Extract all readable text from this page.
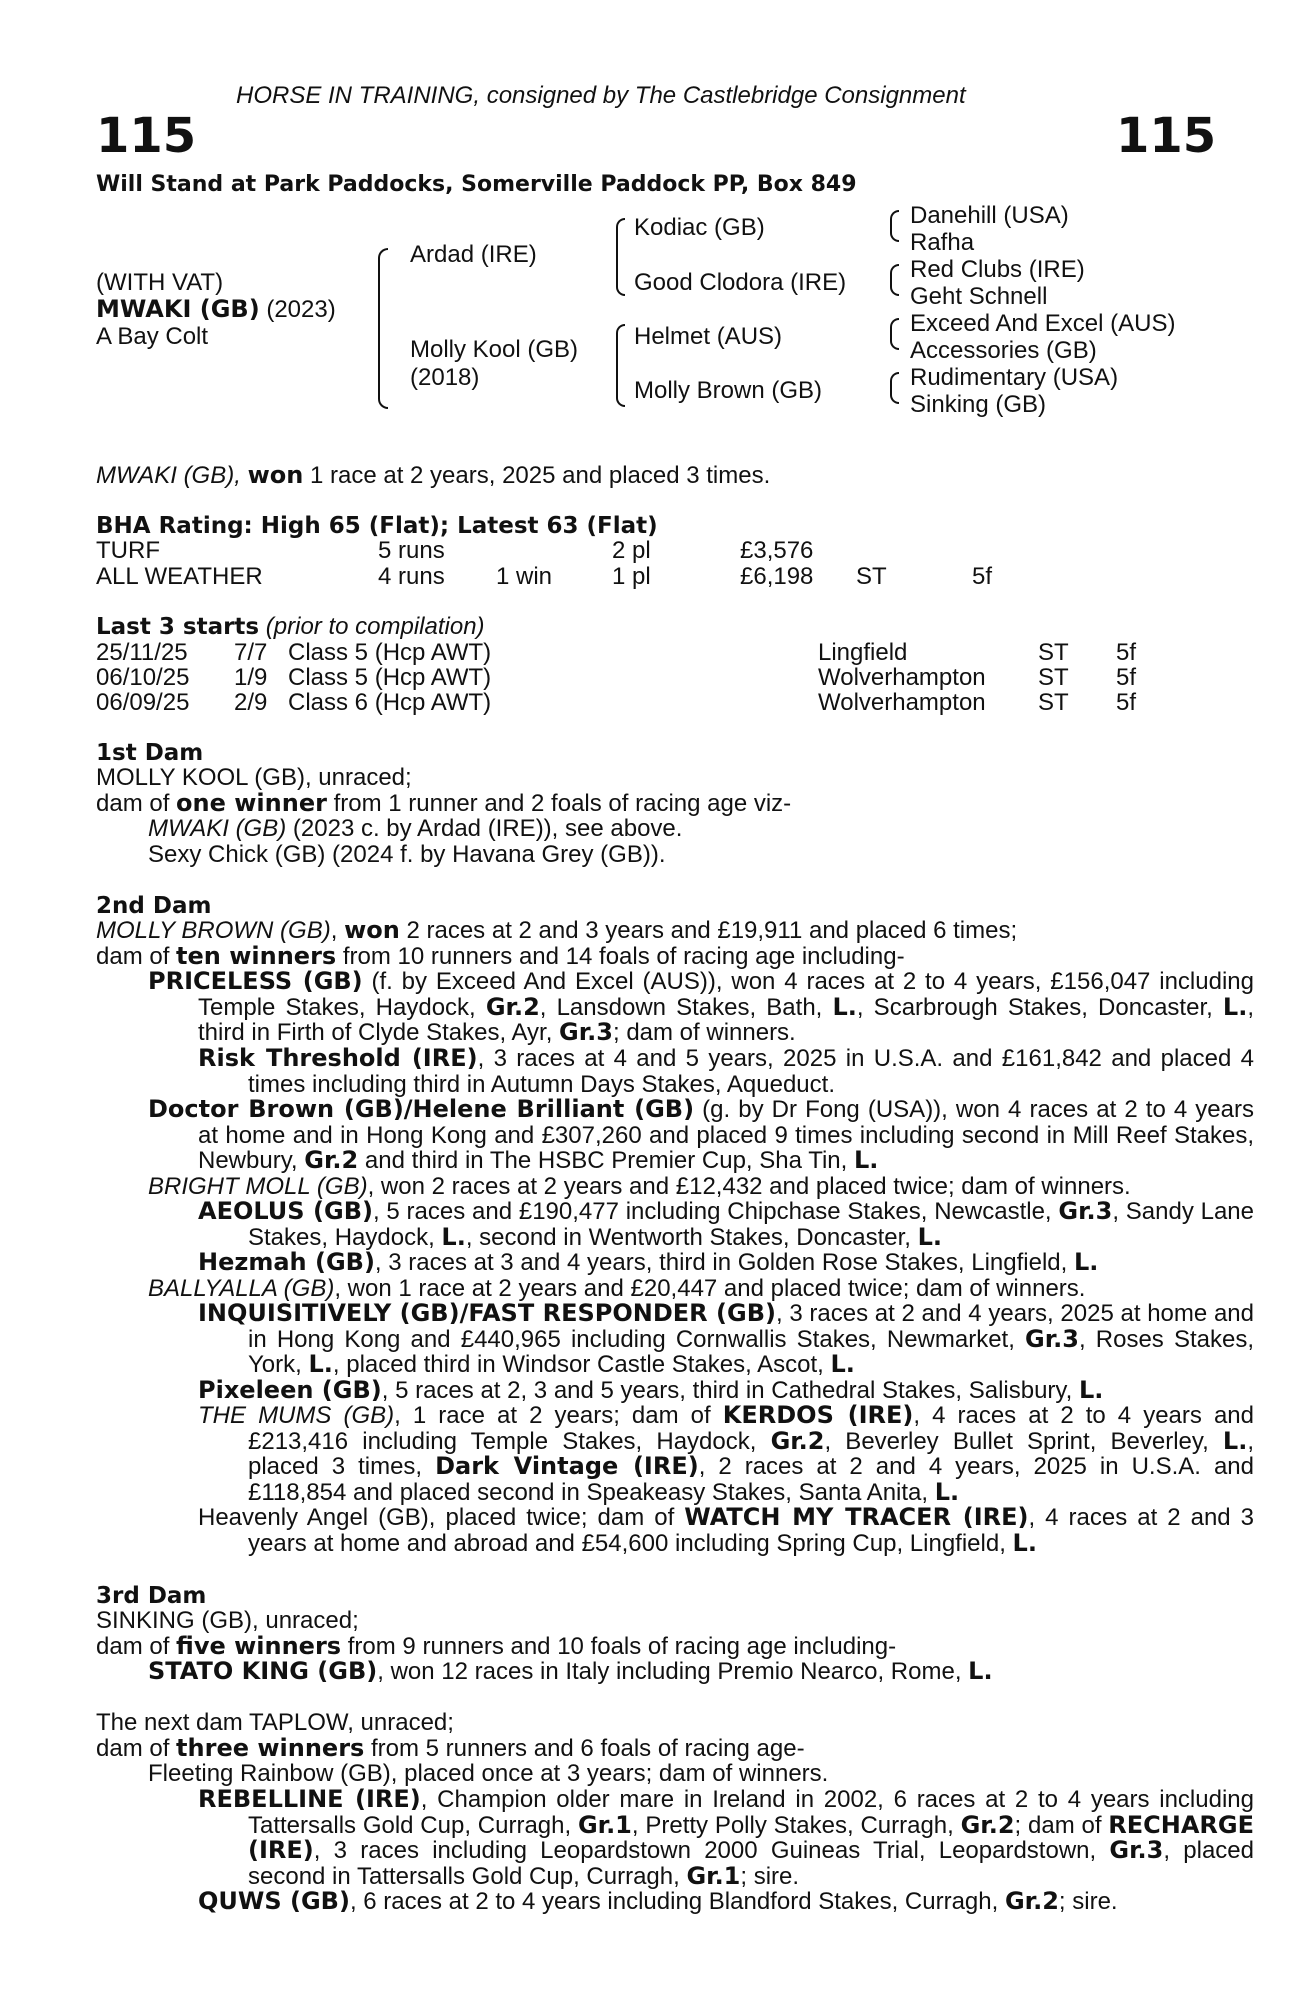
HORSE IN TRAINING, consigned by The Castlebridge Consignment
115	115
Will Stand at Park Paddocks, Somerville Paddock PP, Box 849
(WITH VAT)
MWAKI (GB) (2023)
A Bay Colt
Ardad (IRE)
Molly Kool (GB)
(2018)
Kodiac (GB)
Good Clodora (IRE)
Helmet (AUS)
Molly Brown (GB)
Danehill (USA)
Rafha
Red Clubs (IRE)
Geht Schnell
Exceed And Excel (AUS)
Accessories (GB)
Rudimentary (USA)
Sinking (GB)
MWAKI (GB), won 1 race at 2 years, 2025 and placed 3 times.
BHA Rating: High 65 (Flat); Latest 63 (Flat)
TURF	5 runs	2 pl	£3,576
ALL WEATHER	4 runs 1 win 1 pl	£6,198 ST	5f
Last 3 starts (prior to compilation)
25/11/25 7/7 Class 5 (Hcp AWT)	Lingfield	ST 5f
06/10/25 1/9 Class 5 (Hcp AWT)	Wolverhampton ST 5f
06/09/25 2/9 Class 6 (Hcp AWT)	Wolverhampton ST 5f
1st Dam
MOLLY KOOL (GB), unraced;
dam of one winner from 1 runner and 2 foals of racing age viz-
MWAKI (GB) (2023 c. by Ardad (IRE)), see above.
Sexy Chick (GB) (2024 f. by Havana Grey (GB)).
2nd Dam
MOLLY BROWN (GB), won 2 races at 2 and 3 years and £19,911 and placed 6 times;
dam of ten winners from 10 runners and 14 foals of racing age including-
PRICELESS (GB) (f. by Exceed And Excel (AUS)), won 4 races at 2 to 4 years, £156,047 including Temple Stakes, Haydock, Gr.2, Lansdown Stakes, Bath, L., Scarbrough Stakes, Doncaster, L., third in Firth of Clyde Stakes, Ayr, Gr.3; dam of winners.
Risk Threshold (IRE), 3 races at 4 and 5 years, 2025 in U.S.A. and £161,842 and placed 4 times including third in Autumn Days Stakes, Aqueduct.
Doctor Brown (GB)/Helene Brilliant (GB) (g. by Dr Fong (USA)), won 4 races at 2 to 4 years at home and in Hong Kong and £307,260 and placed 9 times including second in Mill Reef Stakes, Newbury, Gr.2 and third in The HSBC Premier Cup, Sha Tin, L.
BRIGHT MOLL (GB), won 2 races at 2 years and £12,432 and placed twice; dam of winners.
AEOLUS (GB), 5 races and £190,477 including Chipchase Stakes, Newcastle, Gr.3, Sandy Lane Stakes, Haydock, L., second in Wentworth Stakes, Doncaster, L.
Hezmah (GB), 3 races at 3 and 4 years, third in Golden Rose Stakes, Lingfield, L.
BALLYALLA (GB), won 1 race at 2 years and £20,447 and placed twice; dam of winners.
INQUISITIVELY (GB)/FAST RESPONDER (GB), 3 races at 2 and 4 years, 2025 at home and in Hong Kong and £440,965 including Cornwallis Stakes, Newmarket, Gr.3, Roses Stakes, York, L., placed third in Windsor Castle Stakes, Ascot, L.
Pixeleen (GB), 5 races at 2, 3 and 5 years, third in Cathedral Stakes, Salisbury, L.
THE MUMS (GB), 1 race at 2 years; dam of KERDOS (IRE), 4 races at 2 to 4 years and £213,416 including Temple Stakes, Haydock, Gr.2, Beverley Bullet Sprint, Beverley, L., placed 3 times, Dark Vintage (IRE), 2 races at 2 and 4 years, 2025 in U.S.A. and £118,854 and placed second in Speakeasy Stakes, Santa Anita, L.
Heavenly Angel (GB), placed twice; dam of WATCH MY TRACER (IRE), 4 races at 2 and 3 years at home and abroad and £54,600 including Spring Cup, Lingfield, L.
3rd Dam
SINKING (GB), unraced;
dam of five winners from 9 runners and 10 foals of racing age including-
STATO KING (GB), won 12 races in Italy including Premio Nearco, Rome, L.
The next dam TAPLOW, unraced;
dam of three winners from 5 runners and 6 foals of racing age-
Fleeting Rainbow (GB), placed once at 3 years; dam of winners.
REBELLINE (IRE), Champion older mare in Ireland in 2002, 6 races at 2 to 4 years including Tattersalls Gold Cup, Curragh, Gr.1, Pretty Polly Stakes, Curragh, Gr.2; dam of RECHARGE (IRE), 3 races including Leopardstown 2000 Guineas Trial, Leopardstown, Gr.3, placed second in Tattersalls Gold Cup, Curragh, Gr.1; sire.
QUWS (GB), 6 races at 2 to 4 years including Blandford Stakes, Curragh, Gr.2; sire.
